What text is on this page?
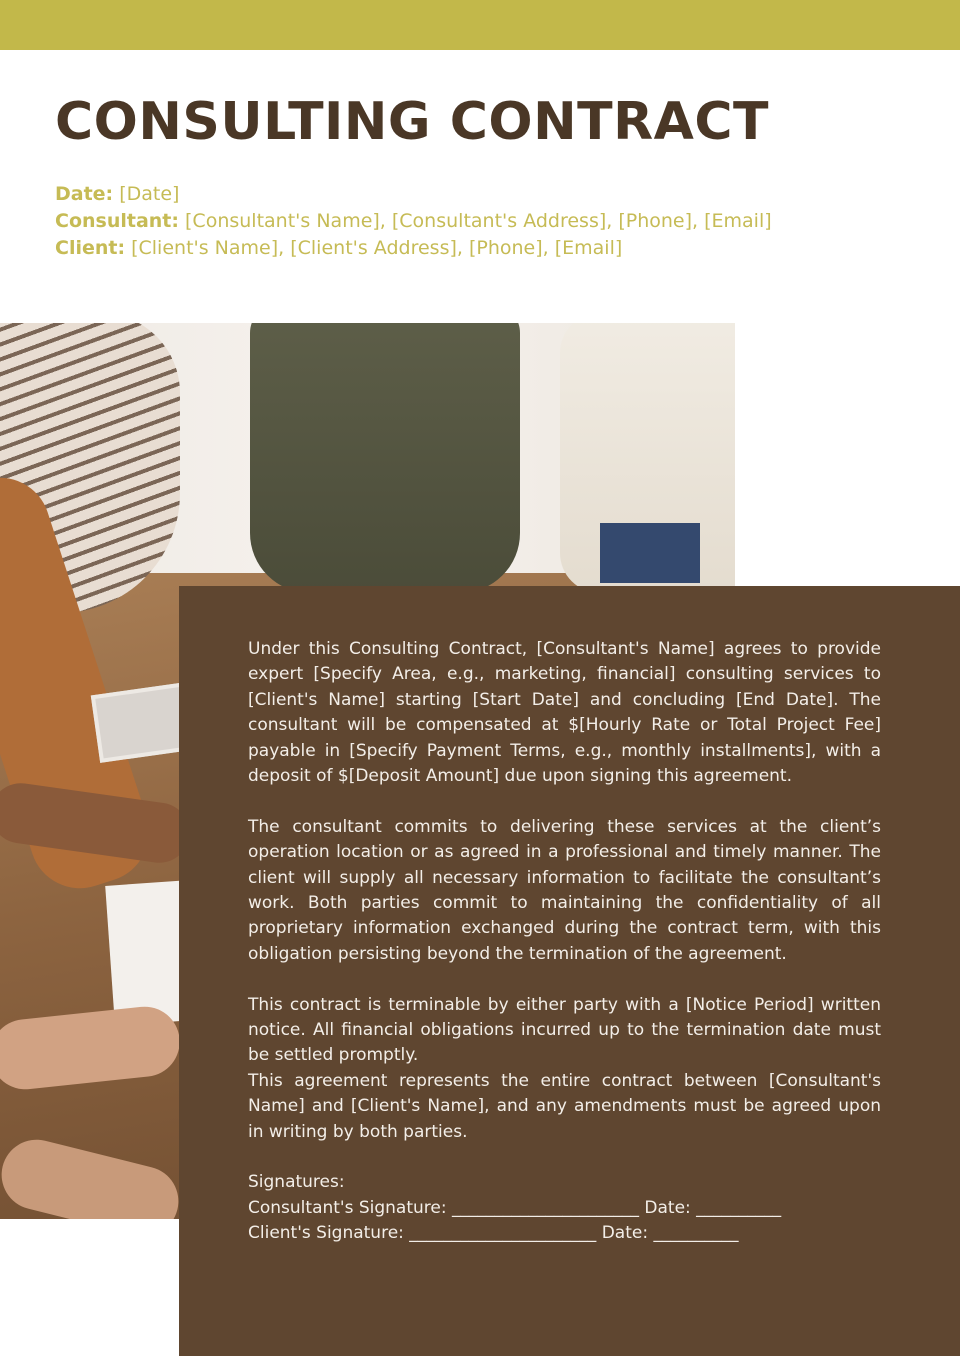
CONSULTING CONTRACT
Date: [Date]
Consultant: [Consultant's Name], [Consultant's Address], [Phone], [Email]
Client: [Client's Name], [Client's Address], [Phone], [Email]

Under this Consulting Contract, [Consultant's Name] agrees to provide expert [Specify Area, e.g., marketing, financial] consulting services to [Client's Name] starting [Start Date] and concluding [End Date]. The consultant will be compensated at $[Hourly Rate or Total Project Fee] payable in [Specify Payment Terms, e.g., monthly installments], with a deposit of $[Deposit Amount] due upon signing this agreement.

The consultant commits to delivering these services at the client’s operation location or as agreed in a professional and timely manner. The client will supply all necessary information to facilitate the consultant’s work. Both parties commit to maintaining the confidentiality of all proprietary information exchanged during the contract term, with this obligation persisting beyond the termination of the agreement.

This contract is terminable by either party with a [Notice Period] written notice. All financial obligations incurred up to the termination date must be settled promptly.

This agreement represents the entire contract between [Consultant's Name] and [Client's Name], and any amendments must be agreed upon in writing by both parties.

Signatures:
Consultant's Signature: ______________________ Date: __________
Client's Signature: ______________________ Date: __________
